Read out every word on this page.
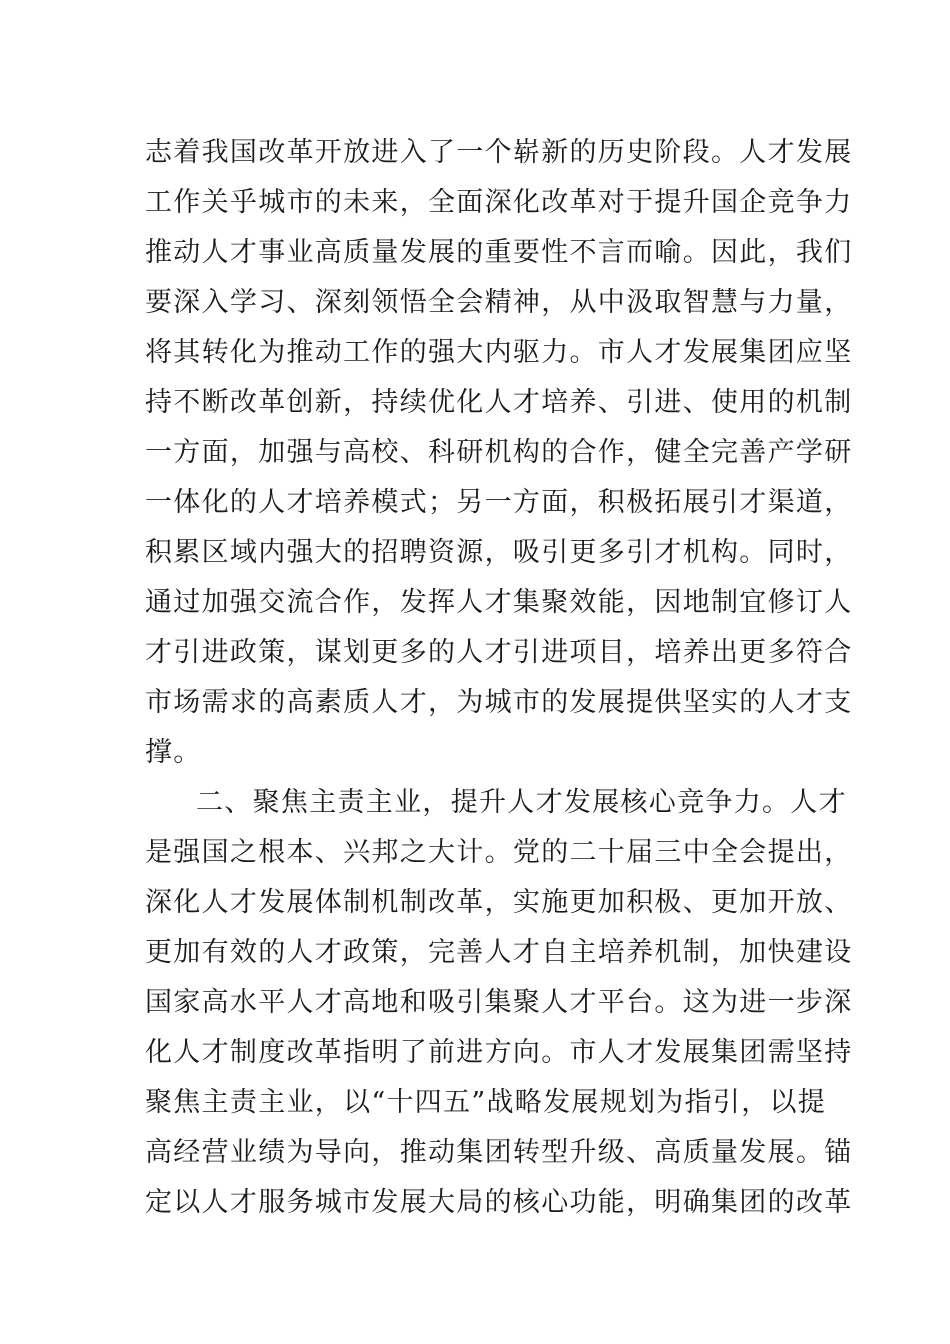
志着我国改革开放进入了一个崭新的历史阶段。人才发展
工作关乎城市的未来，全面深化改革对于提升国企竞争力
推动人才事业高质量发展的重要性不言而喻。因此，我们
要深入学习、深刻领悟全会精神，从中汲取智慧与力量，
将其转化为推动工作的强大内驱力。市人才发展集团应坚
持不断改革创新，持续优化人才培养、引进、使用的机制
一方面，加强与高校、科研机构的合作，健全完善产学研
一体化的人才培养模式；另一方面，积极拓展引才渠道，
积累区域内强大的招聘资源，吸引更多引才机构。同时，
通过加强交流合作，发挥人才集聚效能，因地制宜修订人
才引进政策，谋划更多的人才引进项目，培养出更多符合
市场需求的高素质人才，为城市的发展提供坚实的人才支
撑。
二、聚焦主责主业，提升人才发展核心竞争力。人才
是强国之根本、兴邦之大计。党的二十届三中全会提出，
深化人才发展体制机制改革，实施更加积极、更加开放、
更加有效的人才政策，完善人才自主培养机制，加快建设
国家高水平人才高地和吸引集聚人才平台。这为进一步深
化人才制度改革指明了前进方向。市人才发展集团需坚持
聚焦主责主业，以“十四五”战略发展规划为指引，以提
高经营业绩为导向，推动集团转型升级、高质量发展。锚
定以人才服务城市发展大局的核心功能，明确集团的改革
